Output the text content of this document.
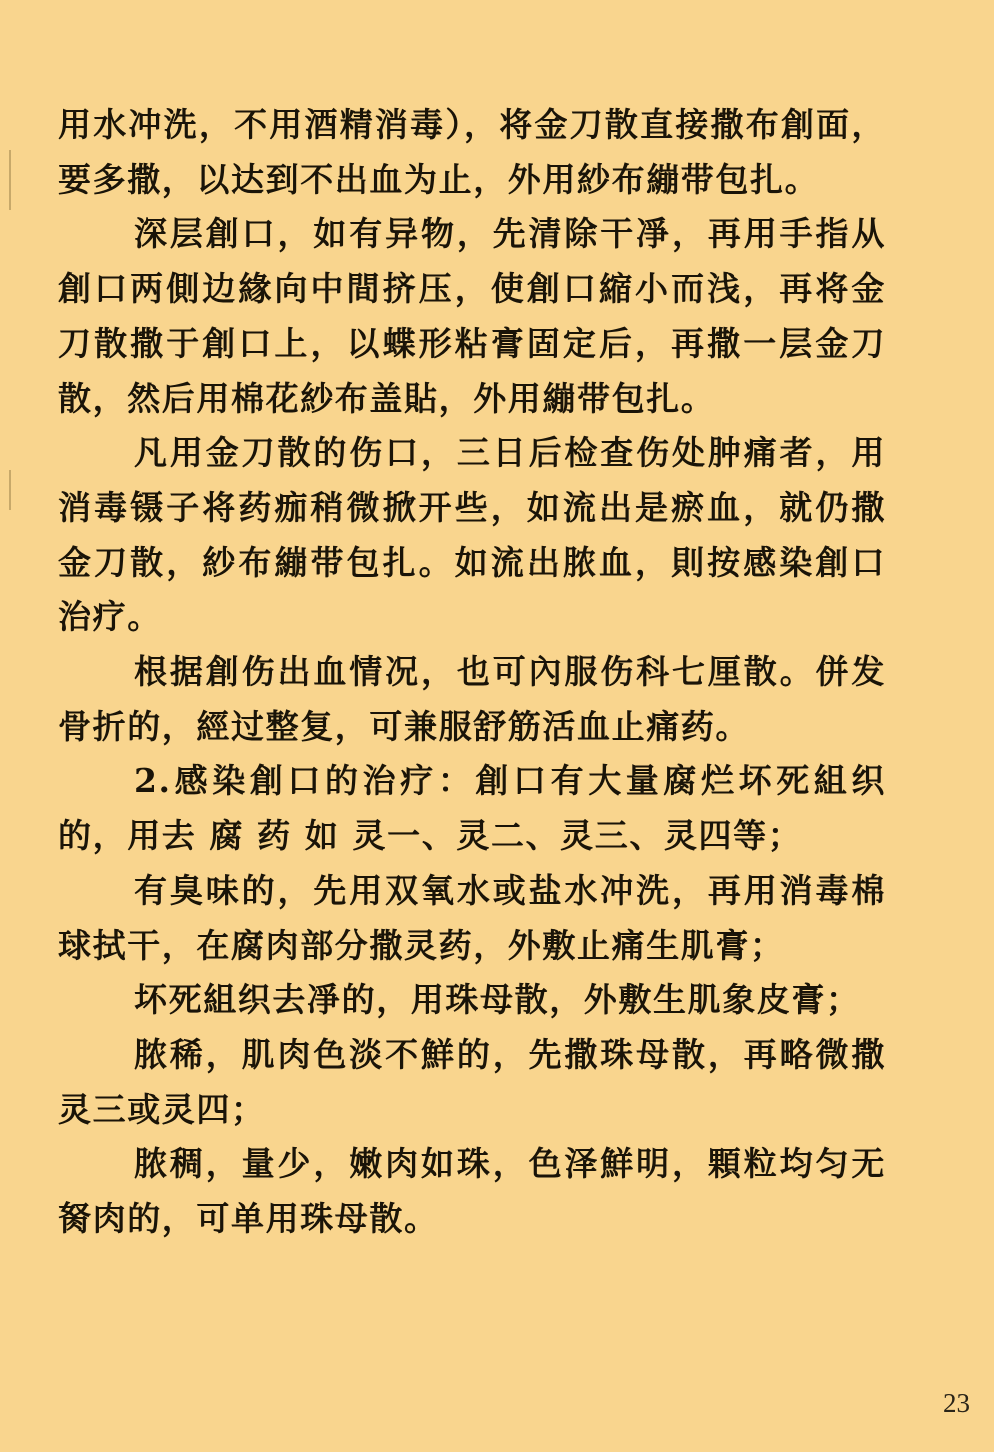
用水冲洗，不用酒精消毒），将金刀散直接撒布創面，要多撒，以达到不出血为止，外用紗布繃带包扎。

深层創口，如有异物，先清除干凈，再用手指从創口两側边緣向中間挤压，使創口縮小而浅，再将金刀散撒于創口上，以蝶形粘膏固定后，再撒一层金刀散，然后用棉花紗布盖貼，外用繃带包扎。

凡用金刀散的伤口，三日后检查伤处肿痛者，用消毒镊子将药痂稍微掀开些，如流出是瘀血，就仍撒金刀散，紗布繃带包扎。如流出脓血，則按感染創口治疗。

根据創伤出血情况，也可內服伤科七厘散。併发骨折的，經过整复，可兼服舒筋活血止痛药。

2.感染創口的治疗：創口有大量腐烂坏死組织的，用去 腐 药 如 灵一、灵二、灵三、灵四等；

有臭味的，先用双氧水或盐水冲洗，再用消毒棉球拭干，在腐肉部分撒灵药，外敷止痛生肌膏；

坏死組织去凈的，用珠母散，外敷生肌象皮膏；

脓稀，肌肉色淡不鮮的，先撒珠母散，再略微撒灵三或灵四；

脓稠，量少，嫩肉如珠，色泽鮮明，顆粒均匀无胬肉的，可单用珠母散。

23
